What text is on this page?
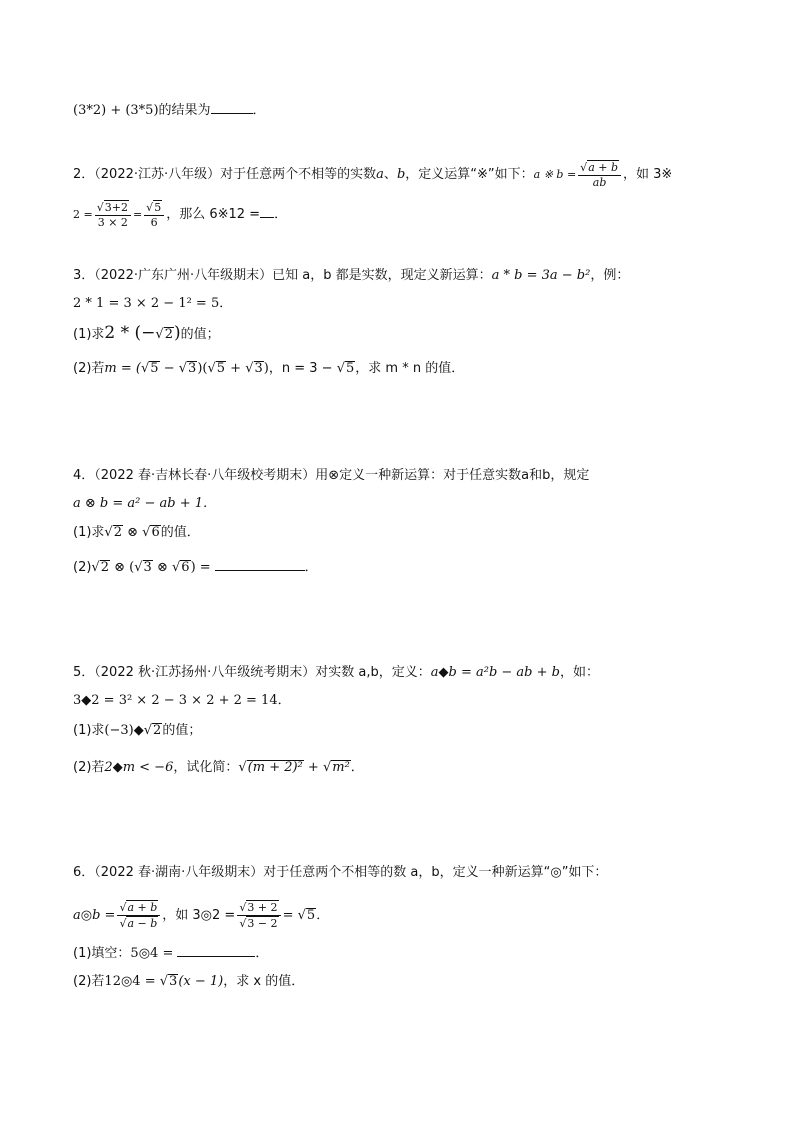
(3*2) + (3*5)的结果为	．
2．（2022·江苏·八年级）对于任意两个不相等的实数a、b，定义运算“※”如下：a ※ $b = \frac{√a + b}{ab}$ ，如 3※
$2 = \frac{√3+2}{3 \times 2} = \frac{√5}{6}$ ，那么 6※12 = ．
3．（2022·广东广州·八年级期末）已知 a，b 都是实数，现定义新运算：a * b = 3a − b²，例：
2 * 1 = 3 × 2 − 1² = 5．
(1)求2 * (−√2)的值；
(2)若m = (√5 − √3)(√5 + √3)，n = 3 − √5，求 m * n 的值．
4．（2022 春·吉林长春·八年级校考期末）用⊗定义一种新运算：对于任意实数a和b，规定
a ⊗ b = a² − ab + 1．
(1)求√2 ⊗ √6的值．
(2)√2 ⊗ (√3 ⊗ √6) =	．
5．（2022 秋·江苏扬州·八年级统考期末）对实数 a,b，定义：a◆b = a²b − ab + b，如：
3◆2 = 3² × 2 − 3 × 2 + 2 = 14．
(1)求(−3)◆√2的值；
(2)若2◆m < −6，试化简：√(m + 2)² + √m²．
6．（2022 春·湖南·八年级期末）对于任意两个不相等的数 a，b，定义一种新运算“◎”如下：
a◎b = $\frac{√a + b}{√a - b}$ ，如 3◎2 = $\frac{√3 + 2}{√3 - 2} = √5$．
(1)填空：5◎4 =	．
(2)若12◎4 = √3(x − 1)，求 x 的值．
